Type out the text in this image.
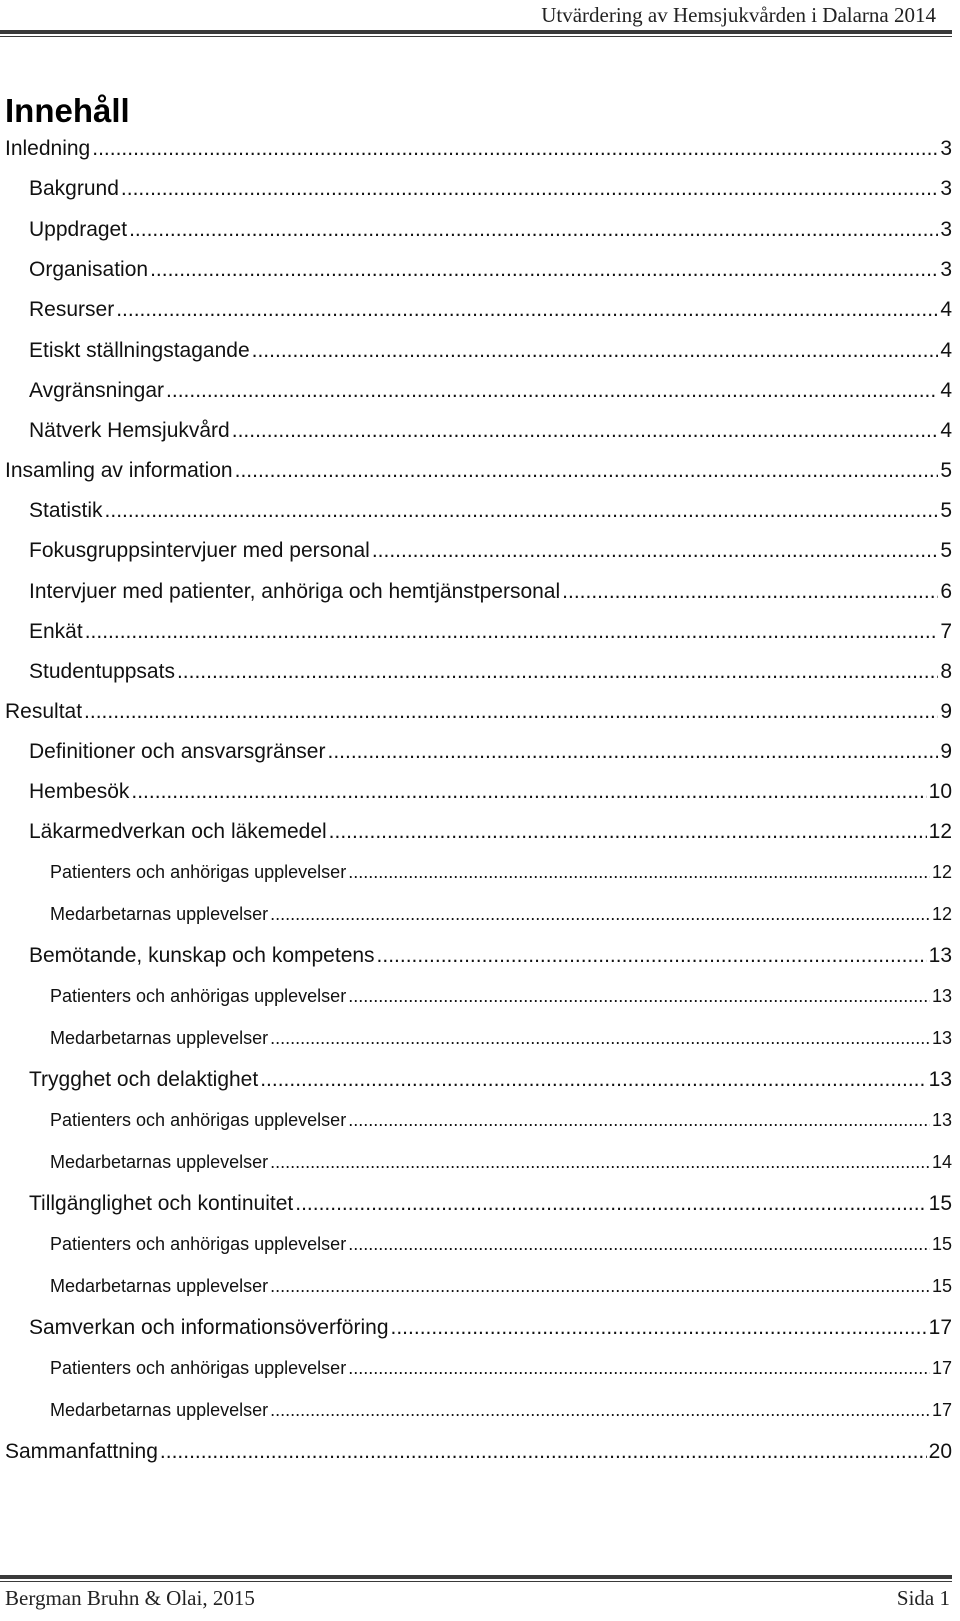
Utvärdering av Hemsjukvården i Dalarna 2014
Innehåll
Inledning .....	3
Bakgrund .....	3
Uppdraget .....	3
Organisation .....	3
Resurser .....	4
Etiskt ställningstagande .....	4
Avgränsningar .....	4
Nätverk Hemsjukvård .....	4
Insamling av information .....	5
Statistik .....	5
Fokusgruppsintervjuer med personal .....	5
Intervjuer med patienter, anhöriga och hemtjänstpersonal .....	6
Enkät .....	7
Studentuppsats .....	8
Resultat .....	9
Definitioner och ansvarsgränser .....	9
Hembesök .....	10
Läkarmedverkan och läkemedel .....	12
Patienters och anhörigas upplevelser .....	12
Medarbetarnas upplevelser .....	12
Bemötande, kunskap och kompetens .....	13
Patienters och anhörigas upplevelser .....	13
Medarbetarnas upplevelser .....	13
Trygghet och delaktighet .....	13
Patienters och anhörigas upplevelser .....	13
Medarbetarnas upplevelser .....	14
Tillgänglighet och kontinuitet .....	15
Patienters och anhörigas upplevelser .....	15
Medarbetarnas upplevelser .....	15
Samverkan och informationsöverföring .....	17
Patienters och anhörigas upplevelser .....	17
Medarbetarnas upplevelser .....	17
Sammanfattning .....	20
Bergman Bruhn & Olai, 2015	Sida 1
